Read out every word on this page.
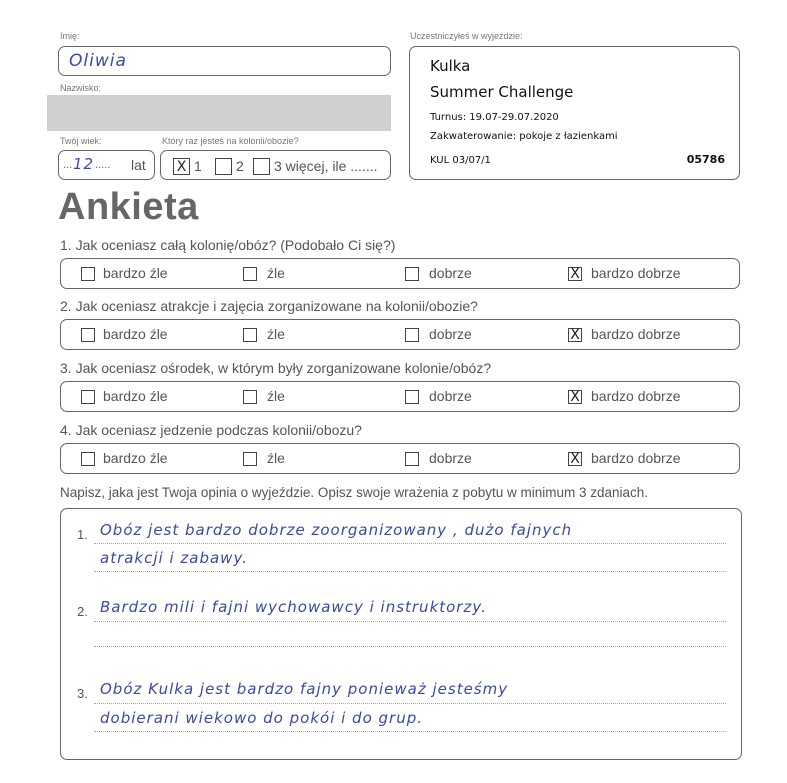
Imię:
Oliwia
Nazwisko:
Twój wiek:
... 12 ..... lat
Który raz jesteś na kolonii/obozie?
X 1 2 3 więcej, ile .......
Uczestniczyłeś w wyjeździe:
Kulka
Summer Challenge
Turnus: 19.07-29.07.2020
Zakwaterowanie: pokoje z łazienkami
KUL 03/07/1	05786
Ankieta
1. Jak oceniasz całą kolonię/obóz? (Podobało Ci się?)
bardzo źle	źle	dobrze	X bardzo dobrze
2. Jak oceniasz atrakcje i zajęcia zorganizowane na kolonii/obozie?
bardzo źle	źle	dobrze	X bardzo dobrze
3. Jak oceniasz ośrodek, w którym były zorganizowane kolonie/obóz?
bardzo źle	źle	dobrze	X bardzo dobrze
4. Jak oceniasz jedzenie podczas kolonii/obozu?
bardzo źle	źle	dobrze	X bardzo dobrze
Napisz, jaka jest Twoja opinia o wyjeździe. Opisz swoje wrażenia z pobytu w minimum 3 zdaniach.
1. Obóz jest bardzo dobrze zoorganizowany , dużo fajnych
atrakcji i zabawy.
2. Bardzo mili i fajni wychowawcy i instruktorzy.
3. Obóz Kulka jest bardzo fajny ponieważ jesteśmy
dobierani wiekowo do pokói i do grup.
